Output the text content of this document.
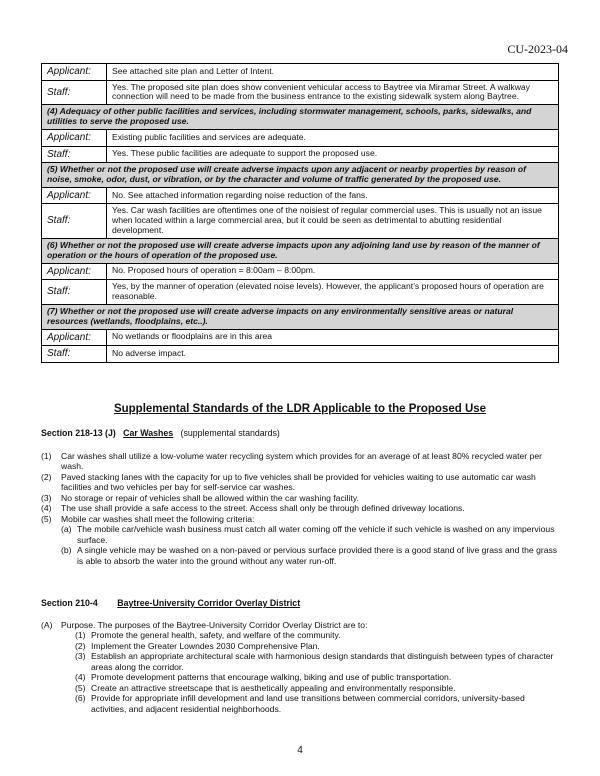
CU-2023-04
Applicant:	See attached site plan and Letter of Intent.
Staff:	Yes. The proposed site plan does show convenient vehicular access to Baytree via Miramar Street. A walkway connection will need to be made from the business entrance to the existing sidewalk system along Baytree.
(4) Adequacy of other public facilities and services, including stormwater management, schools, parks, sidewalks, and utilities to serve the proposed use.	
Applicant:	Existing public facilities and services are adequate.
Staff:	Yes. These public facilities are adequate to support the proposed use.
(5) Whether or not the proposed use will create adverse impacts upon any adjacent or nearby properties by reason of noise, smoke, odor, dust, or vibration, or by the character and volume of traffic generated by the proposed use.	
Applicant:	No. See attached information regarding noise reduction of the fans.
Staff:	Yes. Car wash facilities are oftentimes one of the noisiest of regular commercial uses. This is usually not an issue when located within a large commercial area, but it could be seen as detrimental to abutting residential development.
(6) Whether or not the proposed use will create adverse impacts upon any adjoining land use by reason of the manner of operation or the hours of operation of the proposed use.	
Applicant:	No. Proposed hours of operation = 8:00am – 8:00pm.
Staff:	Yes, by the manner of operation (elevated noise levels). However, the applicant’s proposed hours of operation are reasonable.
(7) Whether or not the proposed use will create adverse impacts on any environmentally sensitive areas or natural resources (wetlands, floodplains, etc..).	
Applicant:	No wetlands or floodplains are in this area
Staff:	No adverse impact.
Supplemental Standards of the LDR Applicable to the Proposed Use
Section 218-13 (J) Car Washes (supplemental standards)
(1)	Car washes shall utilize a low-volume water recycling system which provides for an average of at least 80% recycled water per wash.
(2)	Paved stacking lanes with the capacity for up to five vehicles shall be provided for vehicles waiting to use automatic car wash facilities and two vehicles per bay for self-service car washes.
(3)	No storage or repair of vehicles shall be allowed within the car washing facility.
(4)	The use shall provide a safe access to the street. Access shall only be through defined driveway locations.
(5)	Mobile car washes shall meet the following criteria:
(a) The mobile car/vehicle wash business must catch all water coming off the vehicle if such vehicle is washed on any impervious surface.
(b) A single vehicle may be washed on a non-paved or pervious surface provided there is a good stand of live grass and the grass is able to absorb the water into the ground without any water run-off.
Section 210-4 Baytree-University Corridor Overlay District
(A) Purpose. The purposes of the Baytree-University Corridor Overlay District are to:
(1) Promote the general health, safety, and welfare of the community.
(2) Implement the Greater Lowndes 2030 Comprehensive Plan.
(3) Establish an appropriate architectural scale with harmonious design standards that distinguish between types of character areas along the corridor.
(4) Promote development patterns that encourage walking, biking and use of public transportation.
(5) Create an attractive streetscape that is aesthetically appealing and environmentally responsible.
(6) Provide for appropriate infill development and land use transitions between commercial corridors, university-based activities, and adjacent residential neighborhoods.
4
